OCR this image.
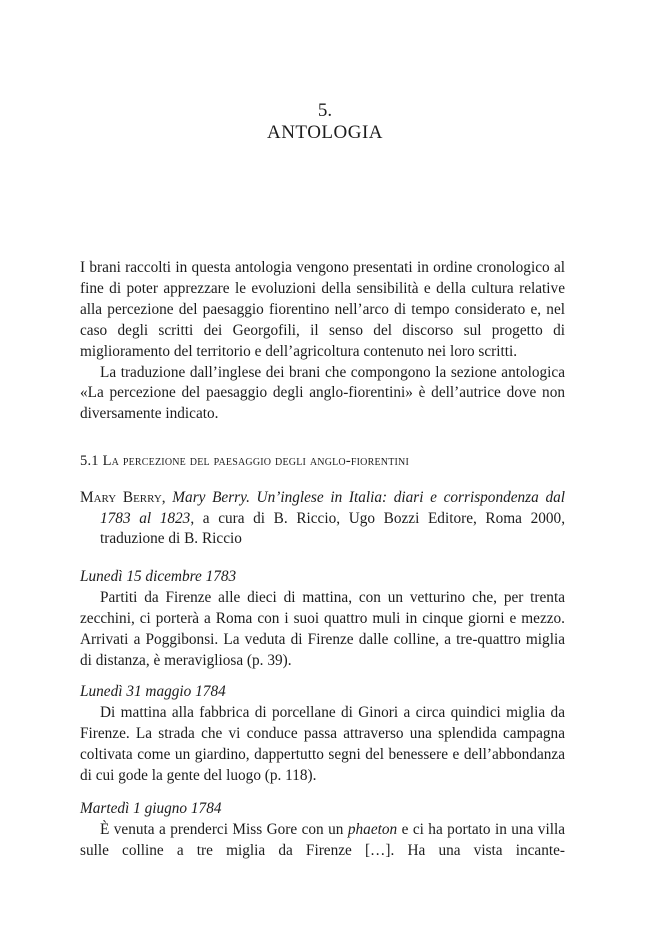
5.
ANTOLOGIA

I brani raccolti in questa antologia vengono presentati in ordine cronologico al fine di poter apprezzare le evoluzioni della sensibilità e della cultura relative alla percezione del paesaggio fiorentino nell’arco di tempo considerato e, nel caso degli scritti dei Georgofili, il senso del discorso sul progetto di miglioramento del territorio e dell’agricoltura contenuto nei loro scritti.

La traduzione dall’inglese dei brani che compongono la sezione antologica «La percezione del paesaggio degli anglo-fiorentini» è dell’autrice dove non diversamente indicato.

5.1 La percezione del paesaggio degli anglo-fiorentini

Mary Berry, Mary Berry. Un’inglese in Italia: diari e corrispondenza dal 1783 al 1823, a cura di B. Riccio, Ugo Bozzi Editore, Roma 2000, traduzione di B. Riccio

Lunedì 15 dicembre 1783

Partiti da Firenze alle dieci di mattina, con un vetturino che, per trenta zecchini, ci porterà a Roma con i suoi quattro muli in cinque giorni e mezzo. Arrivati a Poggibonsi. La veduta di Firenze dalle colline, a tre-quattro miglia di distanza, è meravigliosa (p. 39).

Lunedì 31 maggio 1784

Di mattina alla fabbrica di porcellane di Ginori a circa quindici miglia da Firenze. La strada che vi conduce passa attraverso una splendida campagna coltivata come un giardino, dappertutto segni del benessere e dell’abbondanza di cui gode la gente del luogo (p. 118).

Martedì 1 giugno 1784

È venuta a prenderci Miss Gore con un phaeton e ci ha portato in una villa sulle colline a tre miglia da Firenze […]. Ha una vista incante-
